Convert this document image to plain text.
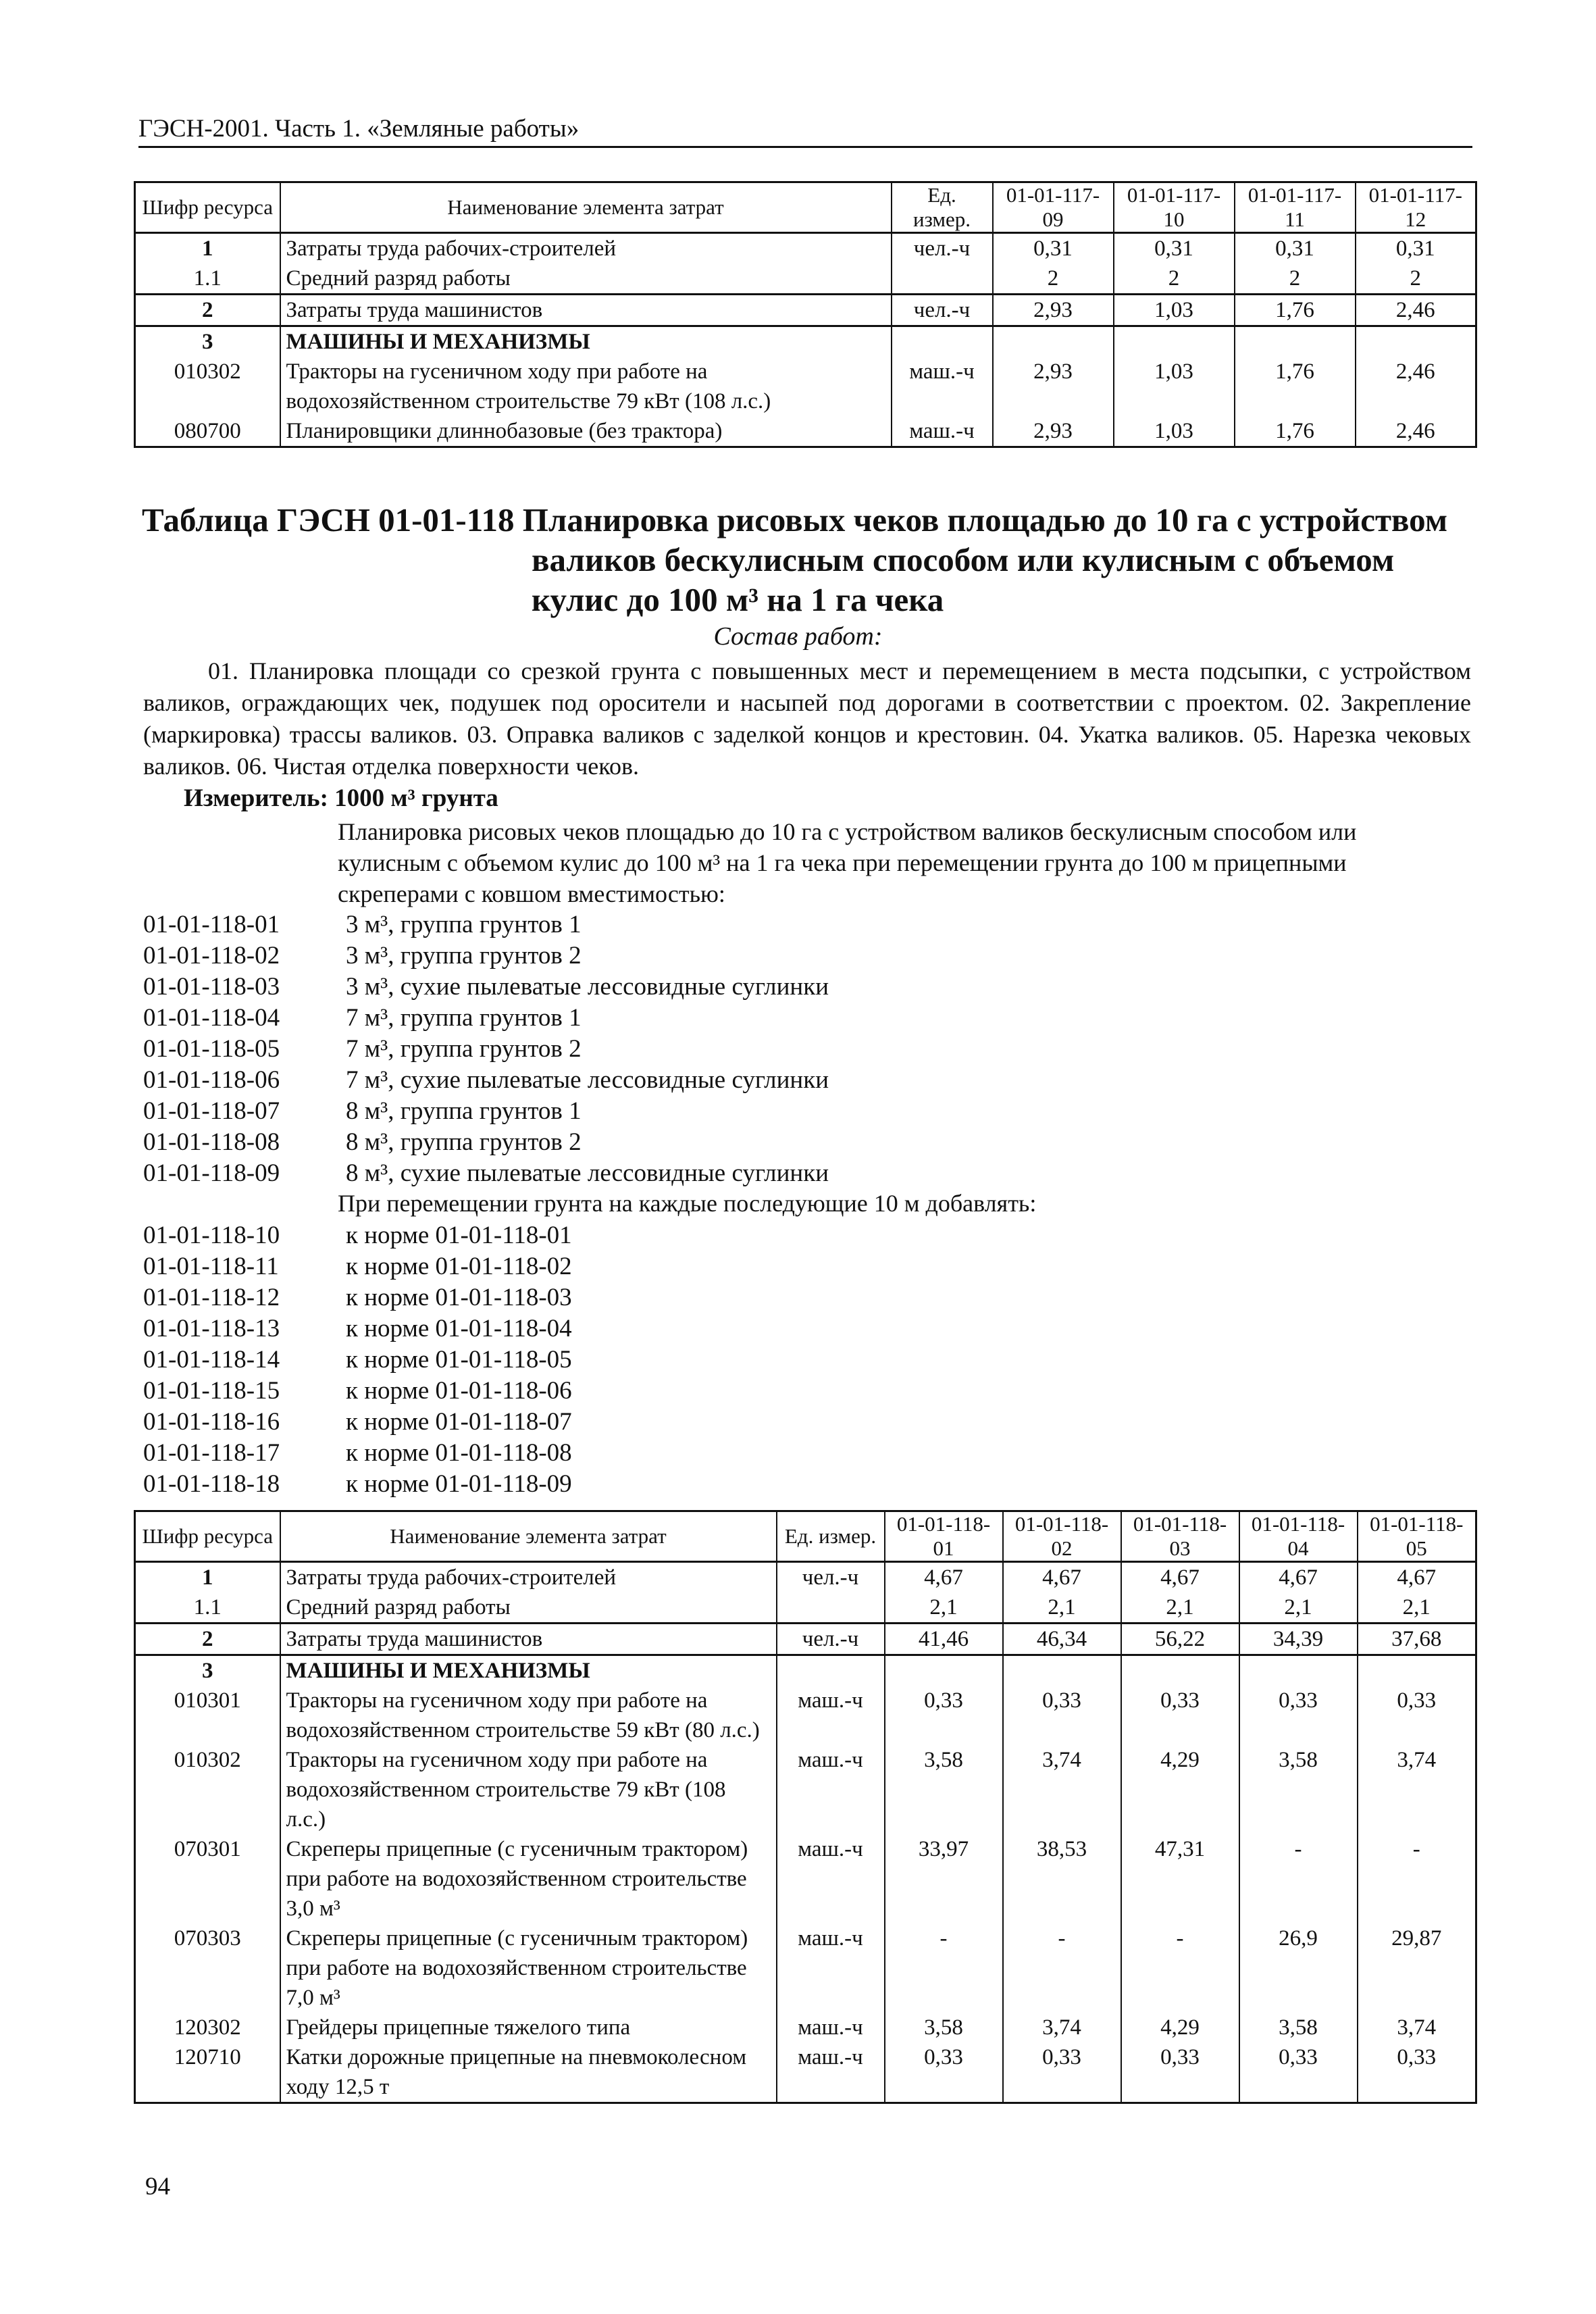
ГЭСН-2001. Часть 1. «Земляные работы»
Шифр ресурса	Наименование элемента затрат	Ед. измер.	01-01-117-09	01-01-117-10	01-01-117-11	01-01-117-12
1	Затраты труда рабочих-строителей	чел.-ч	0,31	0,31	0,31	0,31
1.1	Средний разряд работы		2	2	2	2
2	Затраты труда машинистов	чел.-ч	2,93	1,03	1,76	2,46
3	МАШИНЫ И МЕХАНИЗМЫ					
010302	Тракторы на гусеничном ходу при работе на водохозяйственном строительстве 79 кВт (108 л.с.)	маш.-ч	2,93	1,03	1,76	2,46
080700	Планировщики длиннобазовые (без трактора)	маш.-ч	2,93	1,03	1,76	2,46
Таблица ГЭСН 01-01-118 Планировка рисовых чеков площадью до 10 га с устройством
валиков бескулисным способом или кулисным с объемом
кулис до 100 м³ на 1 га чека
Состав работ:
01. Планировка площади со срезкой грунта с повышенных мест и перемещением в места подсыпки, с устройством валиков, ограждающих чек, подушек под оросители и насыпей под дорогами в соответствии с проектом. 02. Закрепление (маркировка) трассы валиков. 03. Оправка валиков с заделкой концов и крестовин. 04. Укатка валиков. 05. Нарезка чековых валиков. 06. Чистая отделка поверхности чеков.
Измеритель: 1000 м³ грунта
Планировка рисовых чеков площадью до 10 га с устройством валиков бескулисным способом или кулисным с объемом кулис до 100 м³ на 1 га чека при перемещении грунта до 100 м прицепными скреперами с ковшом вместимостью:
01-01-118-01	3 м³, группа грунтов 1
01-01-118-02	3 м³, группа грунтов 2
01-01-118-03	3 м³, сухие пылеватые лессовидные суглинки
01-01-118-04	7 м³, группа грунтов 1
01-01-118-05	7 м³, группа грунтов 2
01-01-118-06	7 м³, сухие пылеватые лессовидные суглинки
01-01-118-07	8 м³, группа грунтов 1
01-01-118-08	8 м³, группа грунтов 2
01-01-118-09	8 м³, сухие пылеватые лессовидные суглинки
При перемещении грунта на каждые последующие 10 м добавлять:
01-01-118-10	к норме 01-01-118-01
01-01-118-11	к норме 01-01-118-02
01-01-118-12	к норме 01-01-118-03
01-01-118-13	к норме 01-01-118-04
01-01-118-14	к норме 01-01-118-05
01-01-118-15	к норме 01-01-118-06
01-01-118-16	к норме 01-01-118-07
01-01-118-17	к норме 01-01-118-08
01-01-118-18	к норме 01-01-118-09
Шифр ресурса	Наименование элемента затрат	Ед. измер.	01-01-118-01	01-01-118-02	01-01-118-03	01-01-118-04	01-01-118-05
1	Затраты труда рабочих-строителей	чел.-ч	4,67	4,67	4,67	4,67	4,67
1.1	Средний разряд работы		2,1	2,1	2,1	2,1	2,1
2	Затраты труда машинистов	чел.-ч	41,46	46,34	56,22	34,39	37,68
3	МАШИНЫ И МЕХАНИЗМЫ						
010301	Тракторы на гусеничном ходу при работе на водохозяйственном строительстве 59 кВт (80 л.с.)	маш.-ч	0,33	0,33	0,33	0,33	0,33
010302	Тракторы на гусеничном ходу при работе на водохозяйственном строительстве 79 кВт (108 л.с.)	маш.-ч	3,58	3,74	4,29	3,58	3,74
070301	Скреперы прицепные (с гусеничным трактором) при работе на водохозяйственном строительстве 3,0 м³	маш.-ч	33,97	38,53	47,31	-	-
070303	Скреперы прицепные (с гусеничным трактором) при работе на водохозяйственном строительстве 7,0 м³	маш.-ч	-	-	-	26,9	29,87
120302	Грейдеры прицепные тяжелого типа	маш.-ч	3,58	3,74	4,29	3,58	3,74
120710	Катки дорожные прицепные на пневмоколесном ходу 12,5 т	маш.-ч	0,33	0,33	0,33	0,33	0,33
94
